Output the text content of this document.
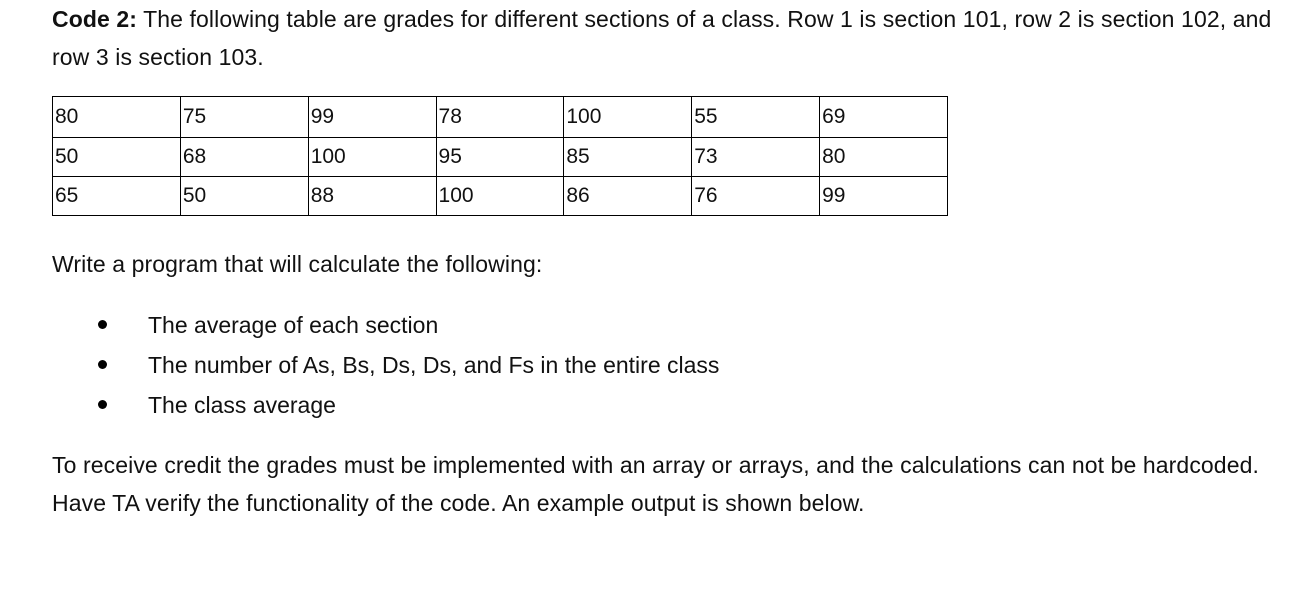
Code 2: The following table are grades for different sections of a class. Row 1 is section 101, row 2 is section 102, and row 3 is section 103.

80	75	99	78	100	55	69
50	68	100	95	85	73	80
65	50	88	100	86	76	99

Write a program that will calculate the following:

The average of each section
The number of As, Bs, Ds, Ds, and Fs in the entire class
The class average

To receive credit the grades must be implemented with an array or arrays, and the calculations can not be hardcoded. Have TA verify the functionality of the code. An example output is shown below.
